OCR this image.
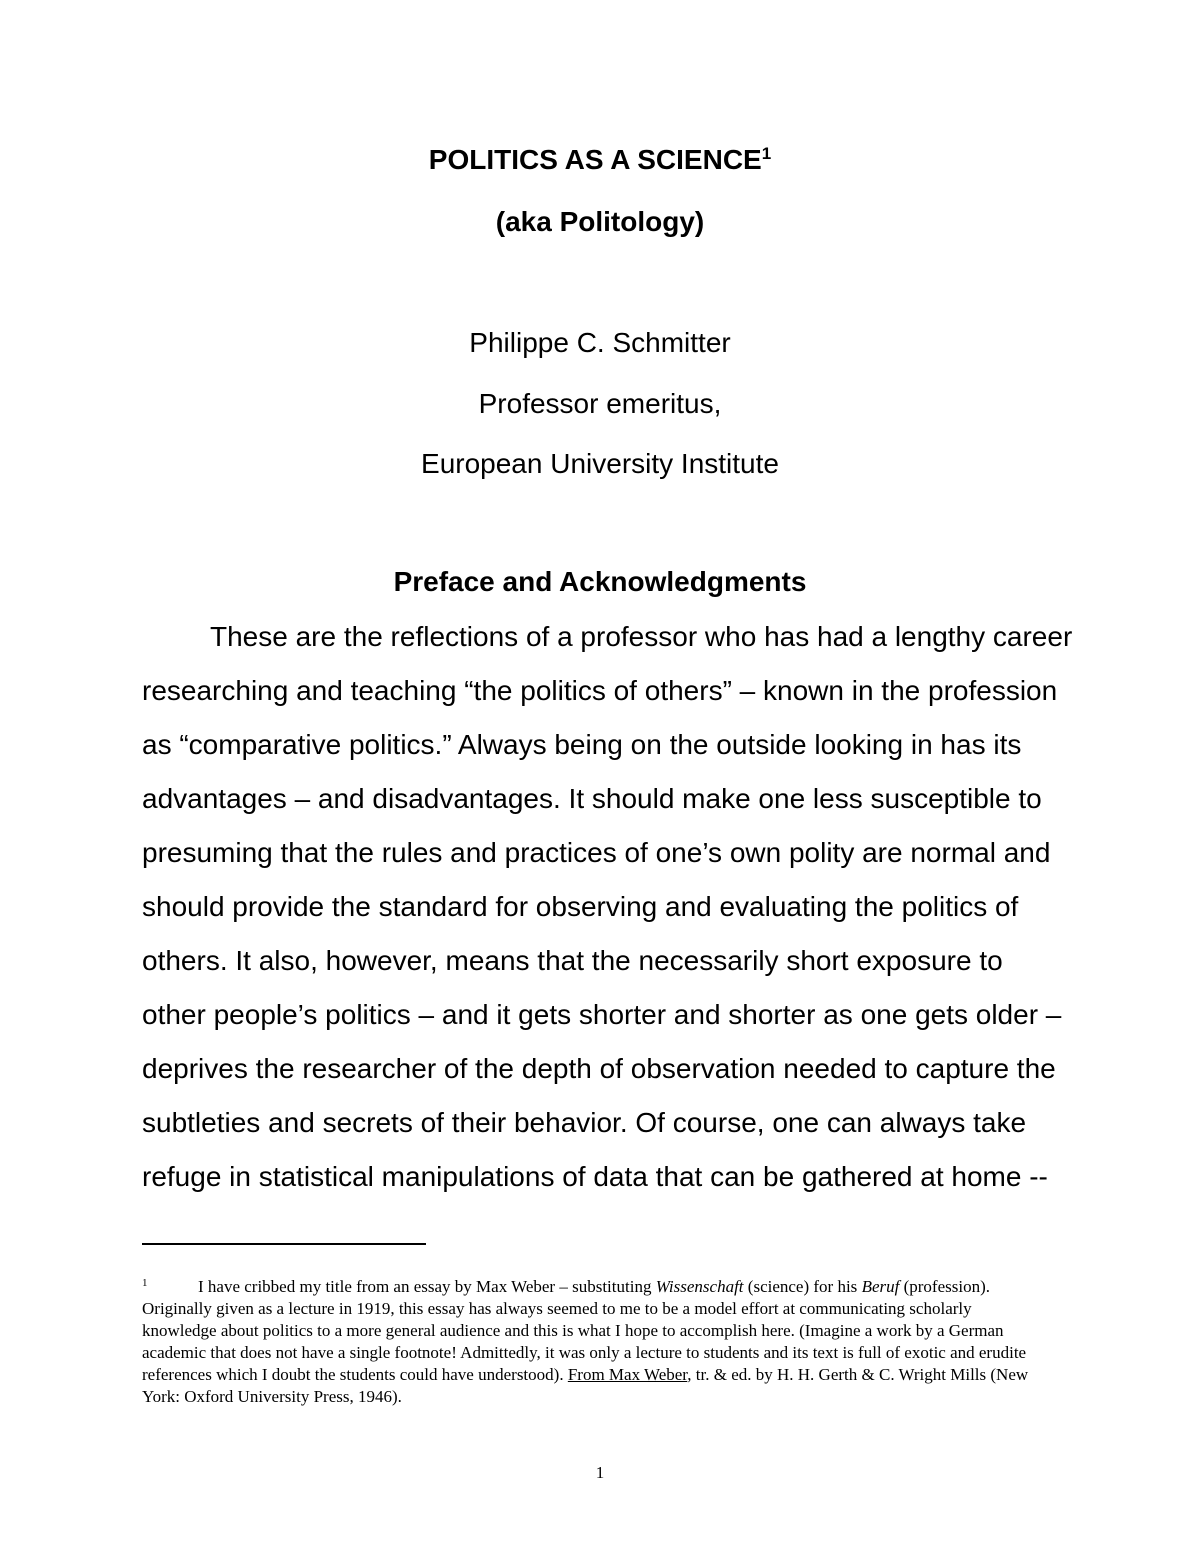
POLITICS AS A SCIENCE$^1$
(aka Politology)
Philippe C. Schmitter
Professor emeritus,
European University Institute
Preface and Acknowledgments
These are the reflections of a professor who has had a lengthy career
researching and teaching “the politics of others” – known in the profession
as “comparative politics.” Always being on the outside looking in has its
advantages – and disadvantages. It should make one less susceptible to
presuming that the rules and practices of one’s own polity are normal and
should provide the standard for observing and evaluating the politics of
others. It also, however, means that the necessarily short exposure to
other people’s politics – and it gets shorter and shorter as one gets older –
deprives the researcher of the depth of observation needed to capture the
subtleties and secrets of their behavior. Of course, one can always take
refuge in statistical manipulations of data that can be gathered at home --
1	I have cribbed my title from an essay by Max Weber – substituting Wissenschaft (science) for his Beruf (profession).
Originally given as a lecture in 1919, this essay has always seemed to me to be a model effort at communicating scholarly
knowledge about politics to a more general audience and this is what I hope to accomplish here. (Imagine a work by a German
academic that does not have a single footnote! Admittedly, it was only a lecture to students and its text is full of exotic and erudite
references which I doubt the students could have understood). From Max Weber, tr. & ed. by H. H. Gerth & C. Wright Mills (New
York: Oxford University Press, 1946).
1
